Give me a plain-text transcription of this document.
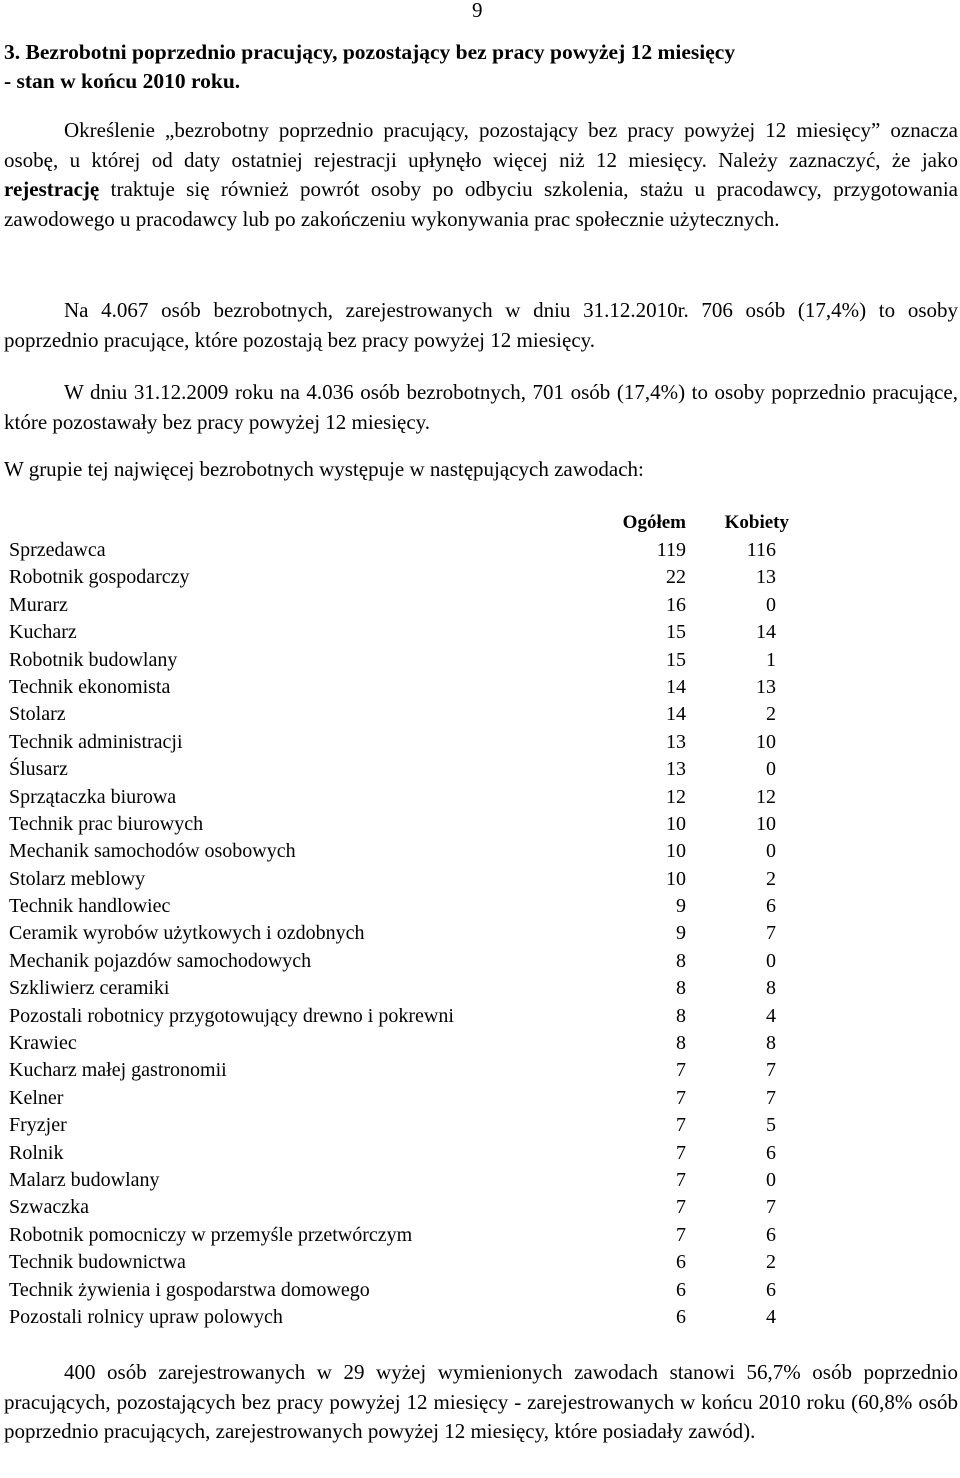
9
3. Bezrobotni poprzednio pracujący, pozostający bez pracy powyżej 12 miesięcy
- stan w końcu 2010 roku.
Określenie „bezrobotny poprzednio pracujący, pozostający bez pracy powyżej 12 miesięcy” oznacza osobę, u której od daty ostatniej rejestracji upłynęło więcej niż 12 miesięcy. Należy zaznaczyć, że jako rejestrację traktuje się również powrót osoby po odbyciu szkolenia, stażu u pracodawcy, przygotowania zawodowego u pracodawcy lub po zakończeniu wykonywania prac społecznie użytecznych.
Na 4.067 osób bezrobotnych, zarejestrowanych w dniu 31.12.2010r. 706 osób (17,4%) to osoby poprzednio pracujące, które pozostają bez pracy powyżej 12 miesięcy.
W dniu 31.12.2009 roku na 4.036 osób bezrobotnych, 701 osób (17,4%) to osoby poprzednio pracujące, które pozostawały bez pracy powyżej 12 miesięcy.
W grupie tej najwięcej bezrobotnych występuje w następujących zawodach:
Ogółem Kobiety
Sprzedawca	119	116
Robotnik gospodarczy	22	13
Murarz	16	0
Kucharz	15	14
Robotnik budowlany	15	1
Technik ekonomista	14	13
Stolarz	14	2
Technik administracji	13	10
Ślusarz	13	0
Sprzątaczka biurowa	12	12
Technik prac biurowych	10	10
Mechanik samochodów osobowych	10	0
Stolarz meblowy	10	2
Technik handlowiec	9	6
Ceramik wyrobów użytkowych i ozdobnych	9	7
Mechanik pojazdów samochodowych	8	0
Szkliwierz ceramiki	8	8
Pozostali robotnicy przygotowujący drewno i pokrewni	8	4
Krawiec	8	8
Kucharz małej gastronomii	7	7
Kelner	7	7
Fryzjer	7	5
Rolnik	7	6
Malarz budowlany	7	0
Szwaczka	7	7
Robotnik pomocniczy w przemyśle przetwórczym	7	6
Technik budownictwa	6	2
Technik żywienia i gospodarstwa domowego	6	6
Pozostali rolnicy upraw polowych	6	4
400 osób zarejestrowanych w 29 wyżej wymienionych zawodach stanowi 56,7% osób poprzednio pracujących, pozostających bez pracy powyżej 12 miesięcy - zarejestrowanych w końcu 2010 roku (60,8% osób poprzednio pracujących, zarejestrowanych powyżej 12 miesięcy, które posiadały zawód).
